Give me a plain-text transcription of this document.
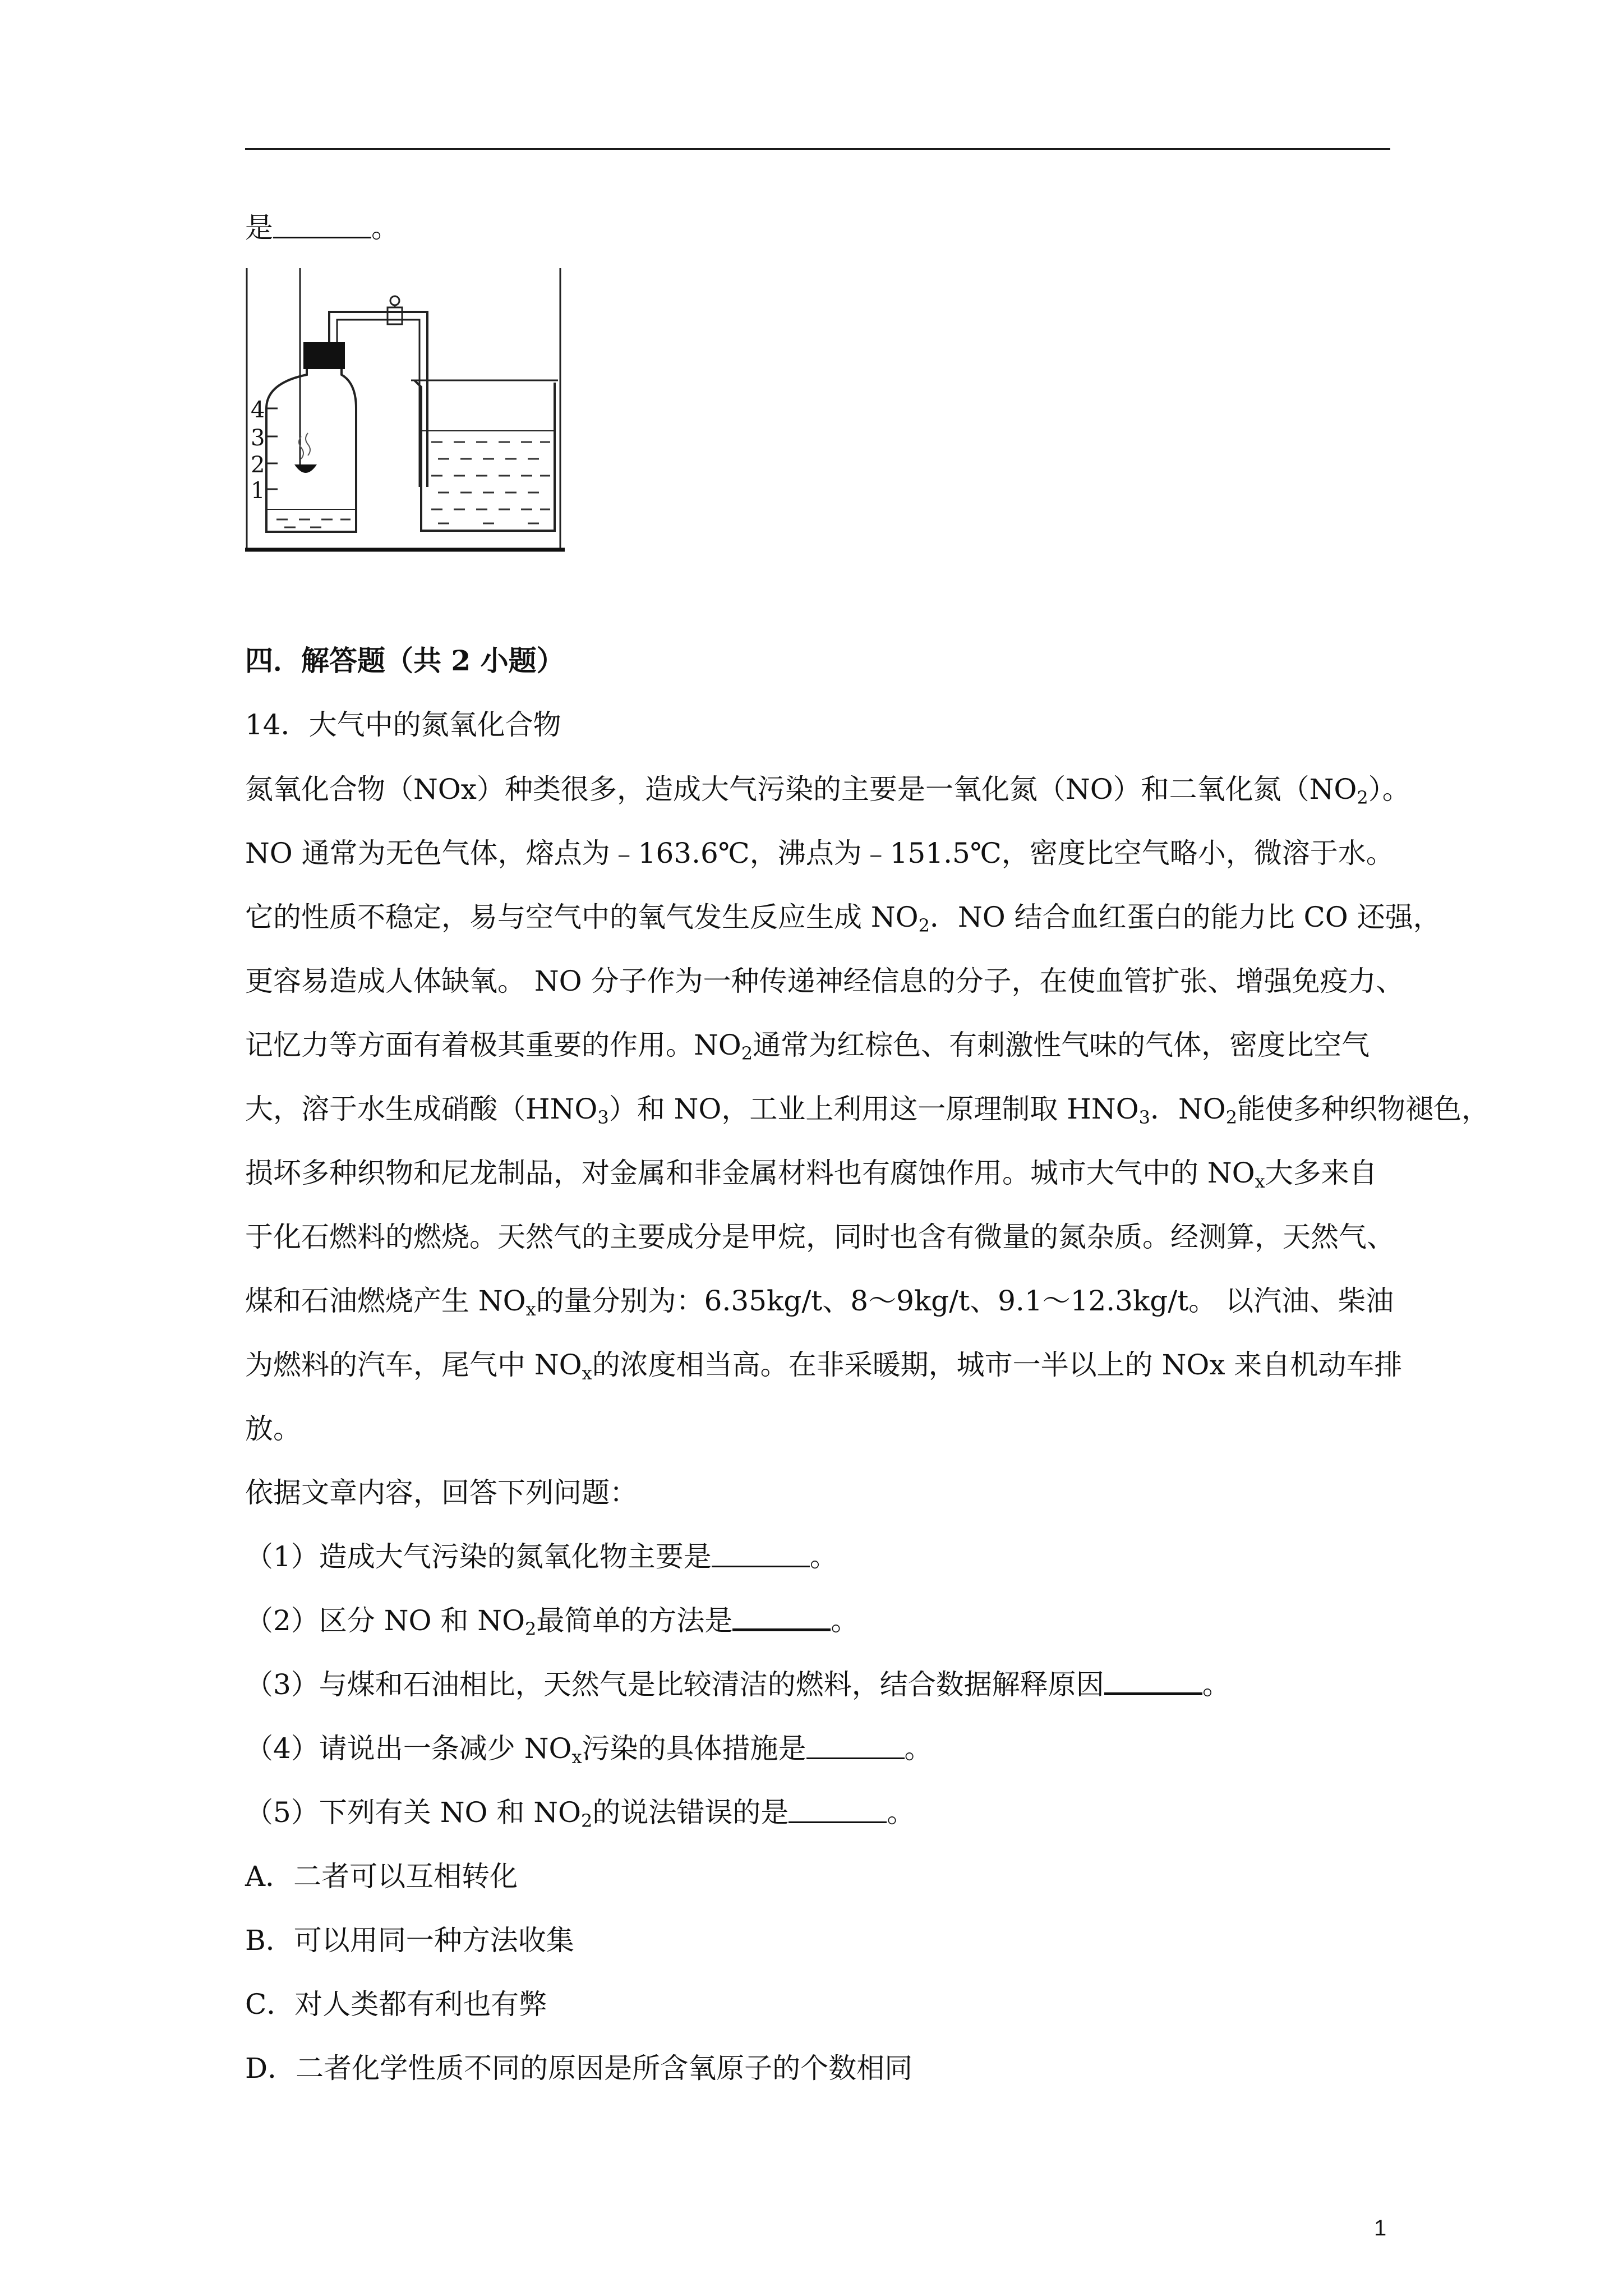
是	。
4
3
2
1
四．解答题（共 2 小题）
14．大气中的氮氧化合物
氮氧化合物（NOx）种类很多，造成大气污染的主要是一氧化氮（NO）和二氧化氮$(NO_2)$。
NO 通常为无色气体，熔点为﹣163.6℃，沸点为﹣151.5℃，密度比空气略小，微溶于水。
它的性质不稳定，易与空气中的氧气发生反应生成 $NO_2$．NO 结合血红蛋白的能力比 CO 还强，
更容易造成人体缺氧。 NO 分子作为一种传递神经信息的分子，在使血管扩张、增强免疫力、
记忆力等方面有着极其重要的作用。$NO_2$通常为红棕色、有刺激性气味的气体，密度比空气
大，溶于水生成硝酸$(HNO_3)$和 NO，工业上利用这一原理制取 $HNO_3$．$NO_2$能使多种织物褪色，
损坏多种织物和尼龙制品，对金属和非金属材料也有腐蚀作用。城市大气中的 $NO_x$大多来自
于化石燃料的燃烧。天然气的主要成分是甲烷，同时也含有微量的氮杂质。经测算，天然气、
煤和石油燃烧产生 $NO_x$的量分别为：6.35kg/t、8～9kg/t、9.1～12.3kg/t。 以汽油、柴油
为燃料的汽车，尾气中 $NO_x$的浓度相当高。在非采暖期，城市一半以上的 NOx 来自机动车排
放。
依据文章内容，回答下列问题：
（1）造成大气污染的氮氧化物主要是	。
（2）区分 NO 和 $NO_2$最简单的方法是	。
（3）与煤和石油相比，天然气是比较清洁的燃料，结合数据解释原因	。
（4）请说出一条减少 $NO_x$污染的具体措施是	。
（5）下列有关 NO 和 $NO_2$的说法错误的是	。
A．二者可以互相转化
B．可以用同一种方法收集
C．对人类都有利也有弊
D．二者化学性质不同的原因是所含氧原子的个数相同
1
